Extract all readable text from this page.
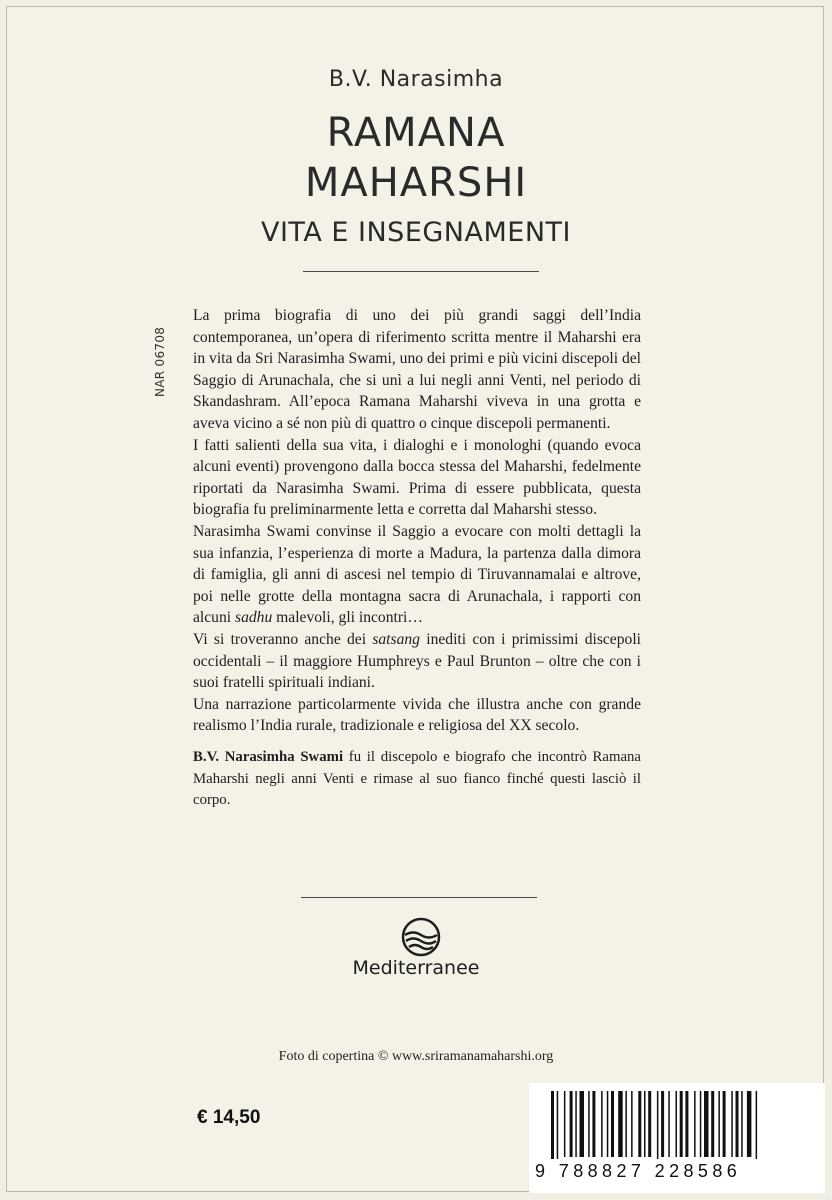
B.V. Narasimha
RAMANA
MAHARSHI
VITA E INSEGNAMENTI
NAR 06708

La prima biografia di uno dei più grandi saggi dell’India contemporanea, un’opera di riferimento scritta mentre il Maharshi era in vita da Sri Narasimha Swami, uno dei primi e più vicini discepoli del Saggio di Arunachala, che si unì a lui negli anni Venti, nel periodo di Skandashram. All’epoca Ramana Maharshi viveva in una grotta e aveva vicino a sé non più di quattro o cinque discepoli permanenti.

I fatti salienti della sua vita, i dialoghi e i monologhi (quando evoca alcuni eventi) provengono dalla bocca stessa del Maharshi, fedelmente riportati da Narasimha Swami. Prima di essere pubblicata, questa biografia fu preliminarmente letta e corretta dal Maharshi stesso.

Narasimha Swami convinse il Saggio a evocare con molti dettagli la sua infanzia, l’esperienza di morte a Madura, la partenza dalla dimora di famiglia, gli anni di ascesi nel tempio di Tiruvannamalai e altrove, poi nelle grotte della montagna sacra di Arunachala, i rapporti con alcuni sadhu malevoli, gli incontri…

Vi si troveranno anche dei satsang inediti con i primissimi discepoli occidentali – il maggiore Humphreys e Paul Brunton – oltre che con i suoi fratelli spirituali indiani.

Una narrazione particolarmente vivida che illustra anche con grande realismo l’India rurale, tradizionale e religiosa del XX secolo.

B.V. Narasimha Swami fu il discepolo e biografo che incontrò Ramana Maharshi negli anni Venti e rimase al suo fianco finché questi lasciò il corpo.

Mediterranee
Foto di copertina © www.sriramanamaharshi.org
€ 14,50
9 788827 228586
